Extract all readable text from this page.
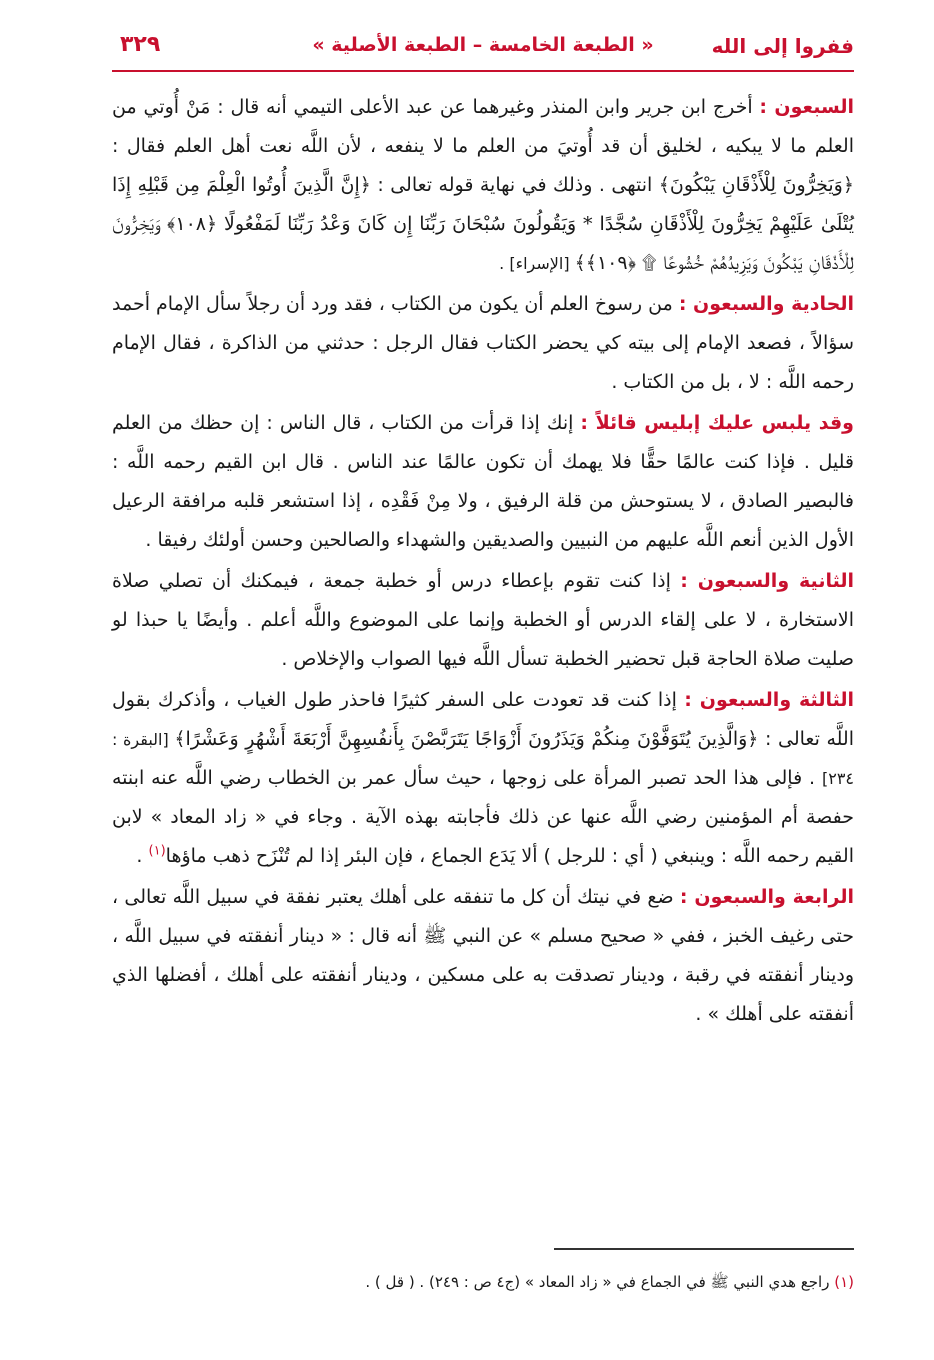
ففروا إلى الله
« الطبعة الخامسة – الطبعة الأصلية »
٣٢٩

السبعون : أخرج ابن جرير وابن المنذر وغيرهما عن عبد الأعلى التيمي أنه قال : مَنْ أُوتي من العلم ما لا يبكيه ، لخليق أن قد أُوتيَ من العلم ما لا ينفعه ، لأن اللَّه نعت أهل العلم فقال : ﴿وَيَخِرُّونَ لِلْأَذْقَانِ يَبْكُونَ﴾ انتهى . وذلك في نهاية قوله تعالى : ﴿إِنَّ الَّذِينَ أُوتُوا الْعِلْمَ مِن قَبْلِهِ إِذَا يُتْلَىٰ عَلَيْهِمْ يَخِرُّونَ لِلْأَذْقَانِ سُجَّدًا * وَيَقُولُونَ سُبْحَانَ رَبِّنَا إِن كَانَ وَعْدُ رَبِّنَا لَمَفْعُولًا ﴿١٠٨﴾ وَيَخِرُّونَ لِلْأَذْقَانِ يَبْكُونَ وَيَزِيدُهُمْ خُشُوعًا ۩ ﴿١٠٩﴾﴾ [الإسراء] .

الحادية والسبعون : من رسوخ العلم أن يكون من الكتاب ، فقد ورد أن رجلاً سأل الإمام أحمد سؤالاً ، فصعد الإمام إلى بيته كي يحضر الكتاب فقال الرجل : حدثني من الذاكرة ، فقال الإمام رحمه اللَّه : لا ، بل من الكتاب .

وقد يلبس عليك إبليس قائلاً : إنك إذا قرأت من الكتاب ، قال الناس : إن حظك من العلم قليل . فإذا كنت عالمًا حقًّا فلا يهمك أن تكون عالمًا عند الناس . قال ابن القيم رحمه اللَّه : فالبصير الصادق ، لا يستوحش من قلة الرفيق ، ولا مِنْ فَقْدِه ، إذا استشعر قلبه مرافقة الرعيل الأول الذين أنعم اللَّه عليهم من النبيين والصديقين والشهداء والصالحين وحسن أولئك رفيقا .

الثانية والسبعون : إذا كنت تقوم بإعطاء درس أو خطبة جمعة ، فيمكنك أن تصلي صلاة الاستخارة ، لا على إلقاء الدرس أو الخطبة وإنما على الموضوع واللَّه أعلم . وأيضًا يا حبذا لو صليت صلاة الحاجة قبل تحضير الخطبة تسأل اللَّه فيها الصواب والإخلاص .

الثالثة والسبعون : إذا كنت قد تعودت على السفر كثيرًا فاحذر طول الغياب ، وأذكرك بقول اللَّه تعالى : ﴿وَالَّذِينَ يُتَوَفَّوْنَ مِنكُمْ وَيَذَرُونَ أَزْوَاجًا يَتَرَبَّصْنَ بِأَنفُسِهِنَّ أَرْبَعَةَ أَشْهُرٍ وَعَشْرًا﴾ [البقرة : ٢٣٤] . فإلى هذا الحد تصبر المرأة على زوجها ، حيث سأل عمر بن الخطاب رضي اللَّه عنه ابنته حفصة أم المؤمنين رضي اللَّه عنها عن ذلك فأجابته بهذه الآية . وجاء في « زاد المعاد » لابن القيم رحمه اللَّه : وينبغي ( أي : للرجل ) ألا يَدَع الجماع ، فإن البئر إذا لم تُنْزَح ذهب ماؤها$^{(١)}$ .

الرابعة والسبعون : ضع في نيتك أن كل ما تنفقه على أهلك يعتبر نفقة في سبيل اللَّه تعالى ، حتى رغيف الخبز ، ففي « صحيح مسلم » عن النبي ﷺ أنه قال : « دينار أنفقته في سبيل اللَّه ، ودينار أنفقته في رقبة ، ودينار تصدقت به على مسكين ، ودينار أنفقته على أهلك ، أفضلها الذي أنفقته على أهلك » .

(١) راجع هدي النبي ﷺ في الجماع في « زاد المعاد » (ج٤ ص : ٢٤٩) . ( قل ) .
